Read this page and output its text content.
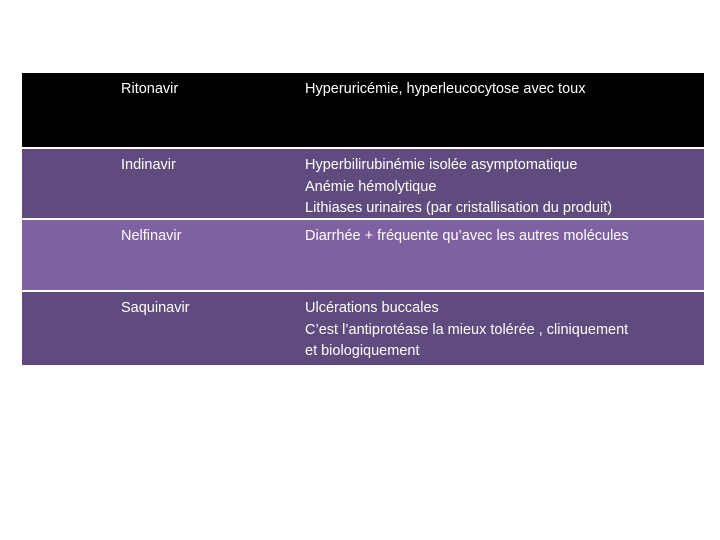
Ritonavir	Hyperuricémie, hyperleucocytose avec toux
Indinavir	Hyperbilirubinémie isolée asymptomatique
Anémie hémolytique
Lithiases urinaires (par cristallisation du produit)
Nelfinavir	Diarrhée + fréquente qu’avec les autres molécules
Saquinavir	Ulcérations buccales
C’est l’antiprotéase la mieux tolérée , cliniquement
et biologiquement
